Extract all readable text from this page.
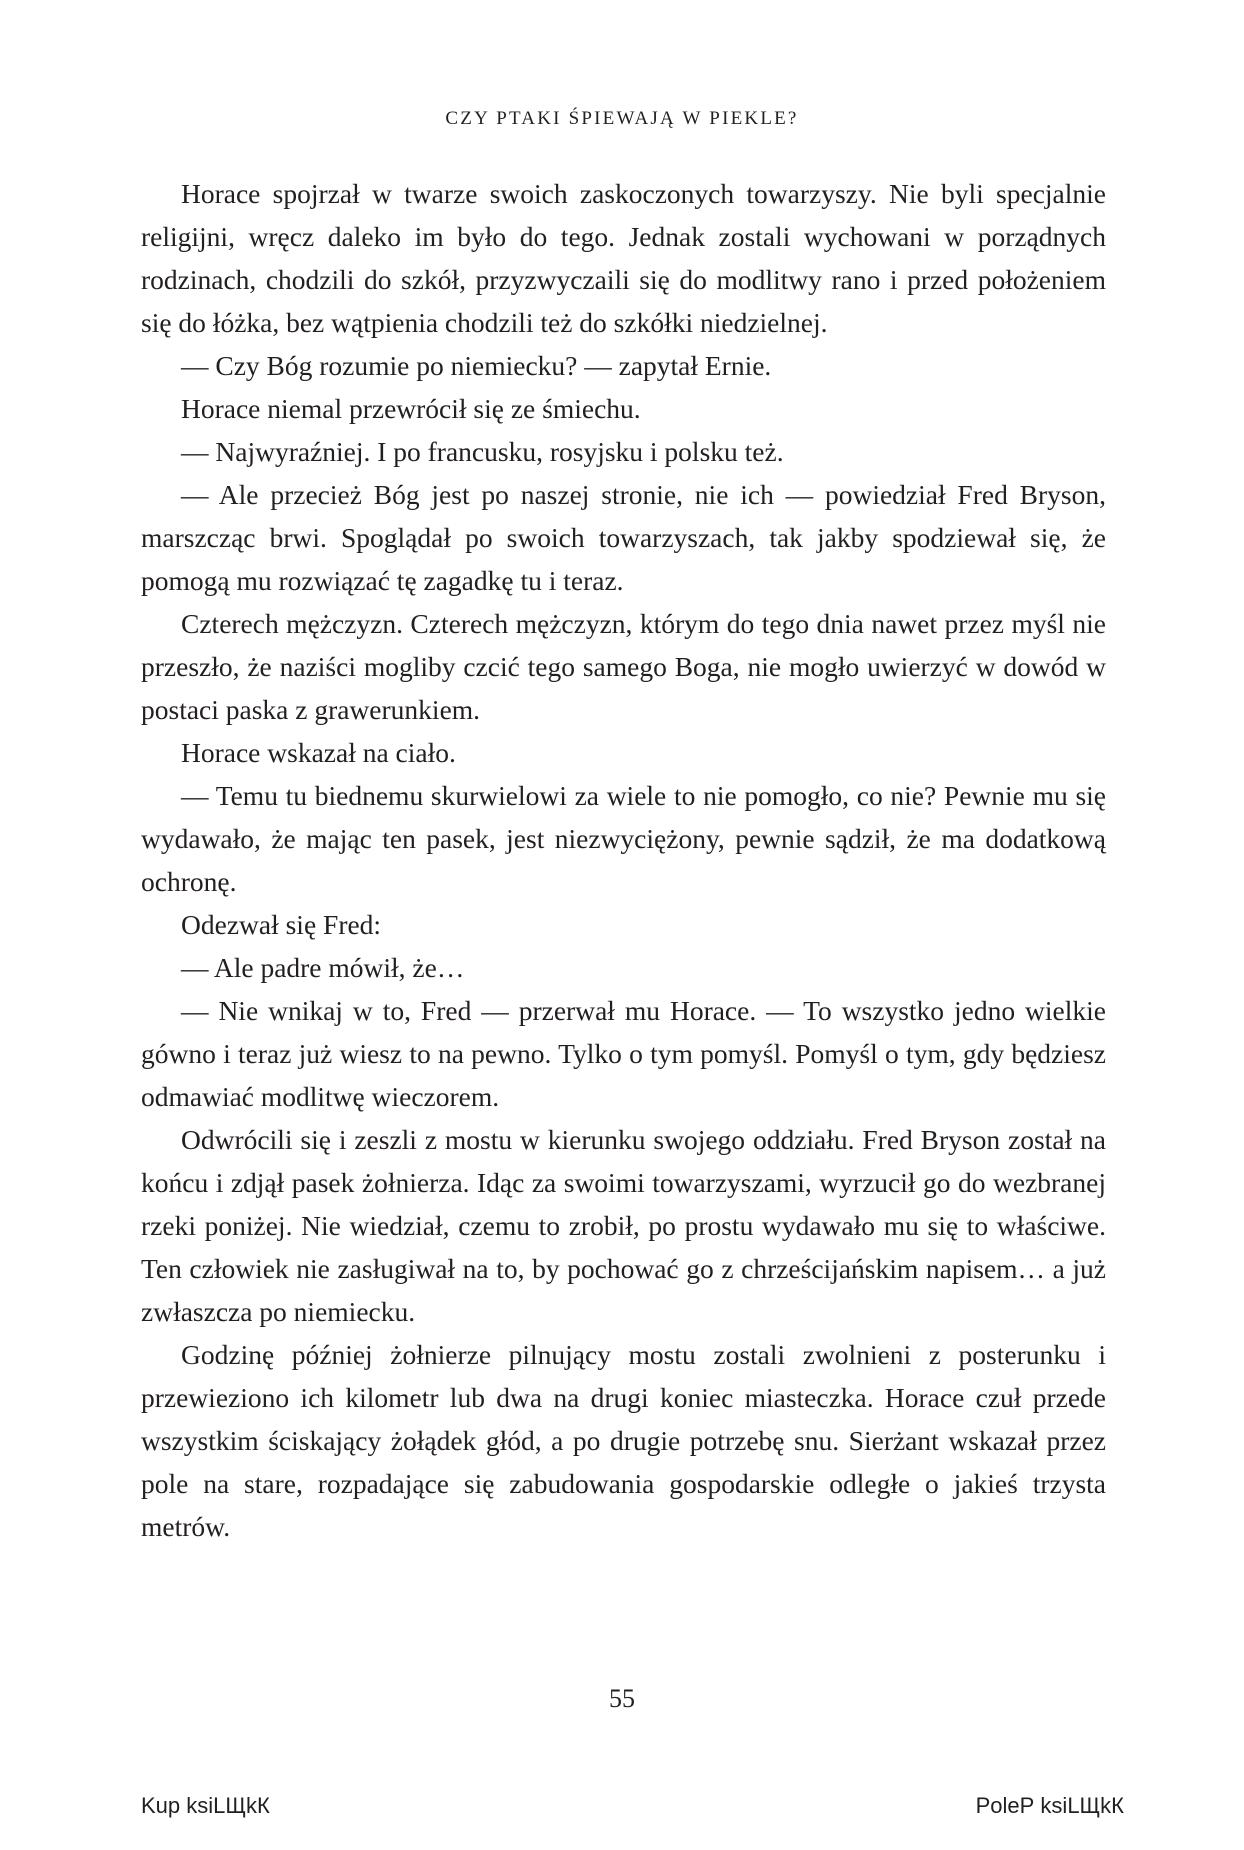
CZY PTAKI ŚPIEWAJĄ W PIEKLE?

Horace spojrzał w twarze swoich zaskoczonych towarzyszy. Nie byli specjalnie religijni, wręcz daleko im było do tego. Jednak zostali wychowani w porządnych rodzinach, chodzili do szkół, przyzwyczaili się do modlitwy rano i przed położeniem się do łóżka, bez wątpienia chodzili też do szkółki niedzielnej.

— Czy Bóg rozumie po niemiecku? — zapytał Ernie.

Horace niemal przewrócił się ze śmiechu.

— Najwyraźniej. I po francusku, rosyjsku i polsku też.

— Ale przecież Bóg jest po naszej stronie, nie ich — powiedział Fred Bryson, marszcząc brwi. Spoglądał po swoich towarzyszach, tak jakby spodziewał się, że pomogą mu rozwiązać tę zagadkę tu i teraz.

Czterech mężczyzn. Czterech mężczyzn, którym do tego dnia nawet przez myśl nie przeszło, że naziści mogliby czcić tego samego Boga, nie mogło uwierzyć w dowód w postaci paska z grawerunkiem.

Horace wskazał na ciało.

— Temu tu biednemu skurwielowi za wiele to nie pomogło, co nie? Pewnie mu się wydawało, że mając ten pasek, jest niezwyciężony, pewnie sądził, że ma dodatkową ochronę.

Odezwał się Fred:

— Ale padre mówił, że…

— Nie wnikaj w to, Fred — przerwał mu Horace. — To wszystko jedno wielkie gówno i teraz już wiesz to na pewno. Tylko o tym pomyśl. Pomyśl o tym, gdy będziesz odmawiać modlitwę wieczorem.

Odwrócili się i zeszli z mostu w kierunku swojego oddziału. Fred Bryson został na końcu i zdjął pasek żołnierza. Idąc za swoimi towarzyszami, wyrzucił go do wezbranej rzeki poniżej. Nie wiedział, czemu to zrobił, po prostu wydawało mu się to właściwe. Ten człowiek nie zasługiwał na to, by pochować go z chrześcijańskim napisem… a już zwłaszcza po niemiecku.

Godzinę później żołnierze pilnujący mostu zostali zwolnieni z posterunku i przewieziono ich kilometr lub dwa na drugi koniec miasteczka. Horace czuł przede wszystkim ściskający żołądek głód, a po drugie potrzebę snu. Sierżant wskazał przez pole na stare, rozpadające się zabudowania gospodarskie odległe o jakieś trzysta metrów.

55
Kup ksiLЩkК	PoleР ksiLЩkК
